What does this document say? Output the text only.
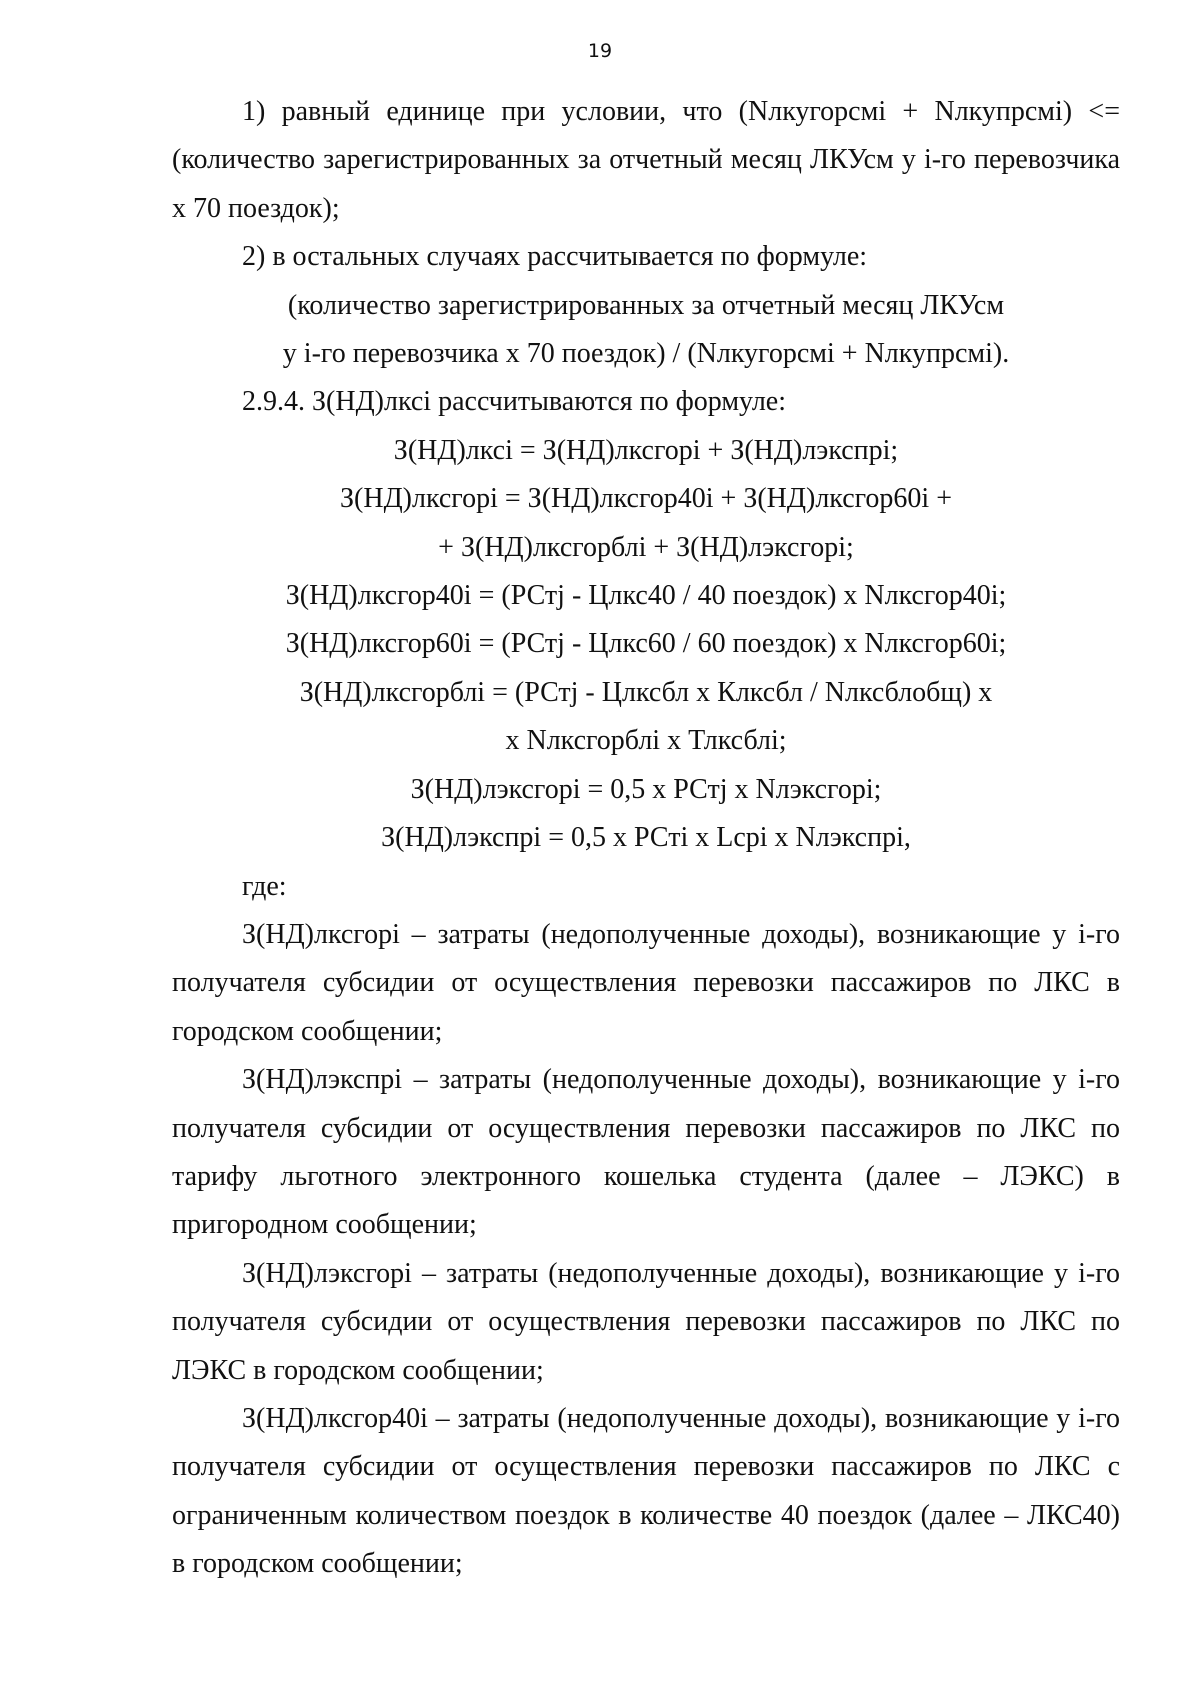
19

1) равный единице при условии, что (Nлкугорсмi + Nлкупрсмi) <= (количество зарегистрированных за отчетный месяц ЛКУсм у i-го перевозчика x 70 поездок);

2) в остальных случаях рассчитывается по формуле:

(количество зарегистрированных за отчетный месяц ЛКУсм

у i-го перевозчика x 70 поездок) / (Nлкугорсмi + Nлкупрсмi).

2.9.4. З(НД)лксi рассчитываются по формуле:

З(НД)лксi = З(НД)лксгорi + З(НД)лэкспрi;

З(НД)лксгорi = З(НД)лксгор40i + З(НД)лксгор60i +

+ З(НД)лксгорблi + З(НД)лэксгорi;

З(НД)лксгор40i = (РСтj - Цлкс40 / 40 поездок) x Nлксгор40i;

З(НД)лксгор60i = (РСтj - Цлкс60 / 60 поездок) x Nлксгор60i;

З(НД)лксгорблi = (РСтj - Цлксбл x Клксбл / Nлксблобщ) x

x Nлксгорблi x Тлксблi;

З(НД)лэксгорi = 0,5 x РСтj x Nлэксгорi;

З(НД)лэкспрi = 0,5 x РСтi x Lсрi x Nлэкспрi,

где:

З(НД)лксгорi – затраты (недополученные доходы), возникающие у i-го получателя субсидии от осуществления перевозки пассажиров по ЛКС в городском сообщении;

З(НД)лэкспрi – затраты (недополученные доходы), возникающие у i-го получателя субсидии от осуществления перевозки пассажиров по ЛКС по тарифу льготного электронного кошелька студента (далее – ЛЭКС) в пригородном сообщении;

З(НД)лэксгорi – затраты (недополученные доходы), возникающие у i-го получателя субсидии от осуществления перевозки пассажиров по ЛКС по ЛЭКС в городском сообщении;

З(НД)лксгор40i – затраты (недополученные доходы), возникающие у i-го получателя субсидии от осуществления перевозки пассажиров по ЛКС с ограниченным количеством поездок в количестве 40 поездок (далее – ЛКС40) в городском сообщении;
